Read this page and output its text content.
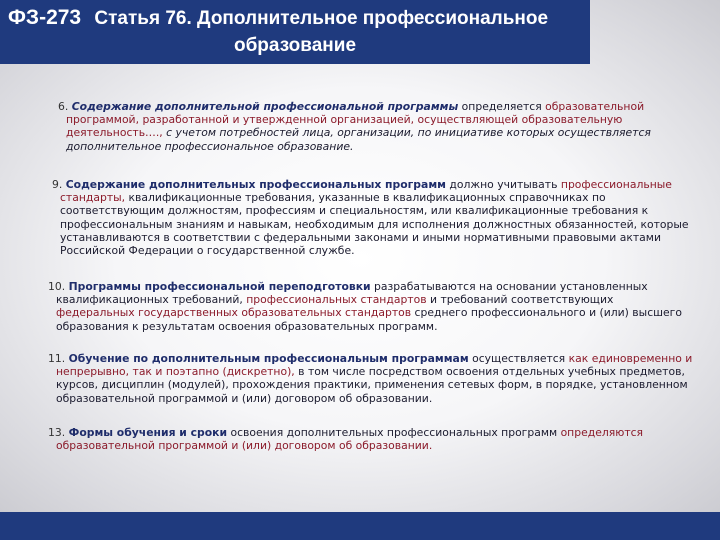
ФЗ-273 Статья 76. Дополнительное профессиональное
образование
6. Содержание дополнительной профессиональной программы определяется образовательной программой, разработанной и утвержденной организацией, осуществляющей образовательную деятельность…., с учетом потребностей лица, организации, по инициативе которых осуществляется дополнительное профессиональное образование.
9. Содержание дополнительных профессиональных программ должно учитывать профессиональные стандарты, квалификационные требования, указанные в квалификационных справочниках по соответствующим должностям, профессиям и специальностям, или квалификационные требования к профессиональным знаниям и навыкам, необходимым для исполнения должностных обязанностей, которые устанавливаются в соответствии с федеральными законами и иными нормативными правовыми актами Российской Федерации о государственной службе.
10. Программы профессиональной переподготовки разрабатываются на основании установленных квалификационных требований, профессиональных стандартов и требований соответствующих федеральных государственных образовательных стандартов среднего профессионального и (или) высшего образования к результатам освоения образовательных программ.
11. Обучение по дополнительным профессиональным программам осуществляется как единовременно и непрерывно, так и поэтапно (дискретно), в том числе посредством освоения отдельных учебных предметов, курсов, дисциплин (модулей), прохождения практики, применения сетевых форм, в порядке, установленном образовательной программой и (или) договором об образовании.
13. Формы обучения и сроки освоения дополнительных профессиональных программ определяются образовательной программой и (или) договором об образовании.
